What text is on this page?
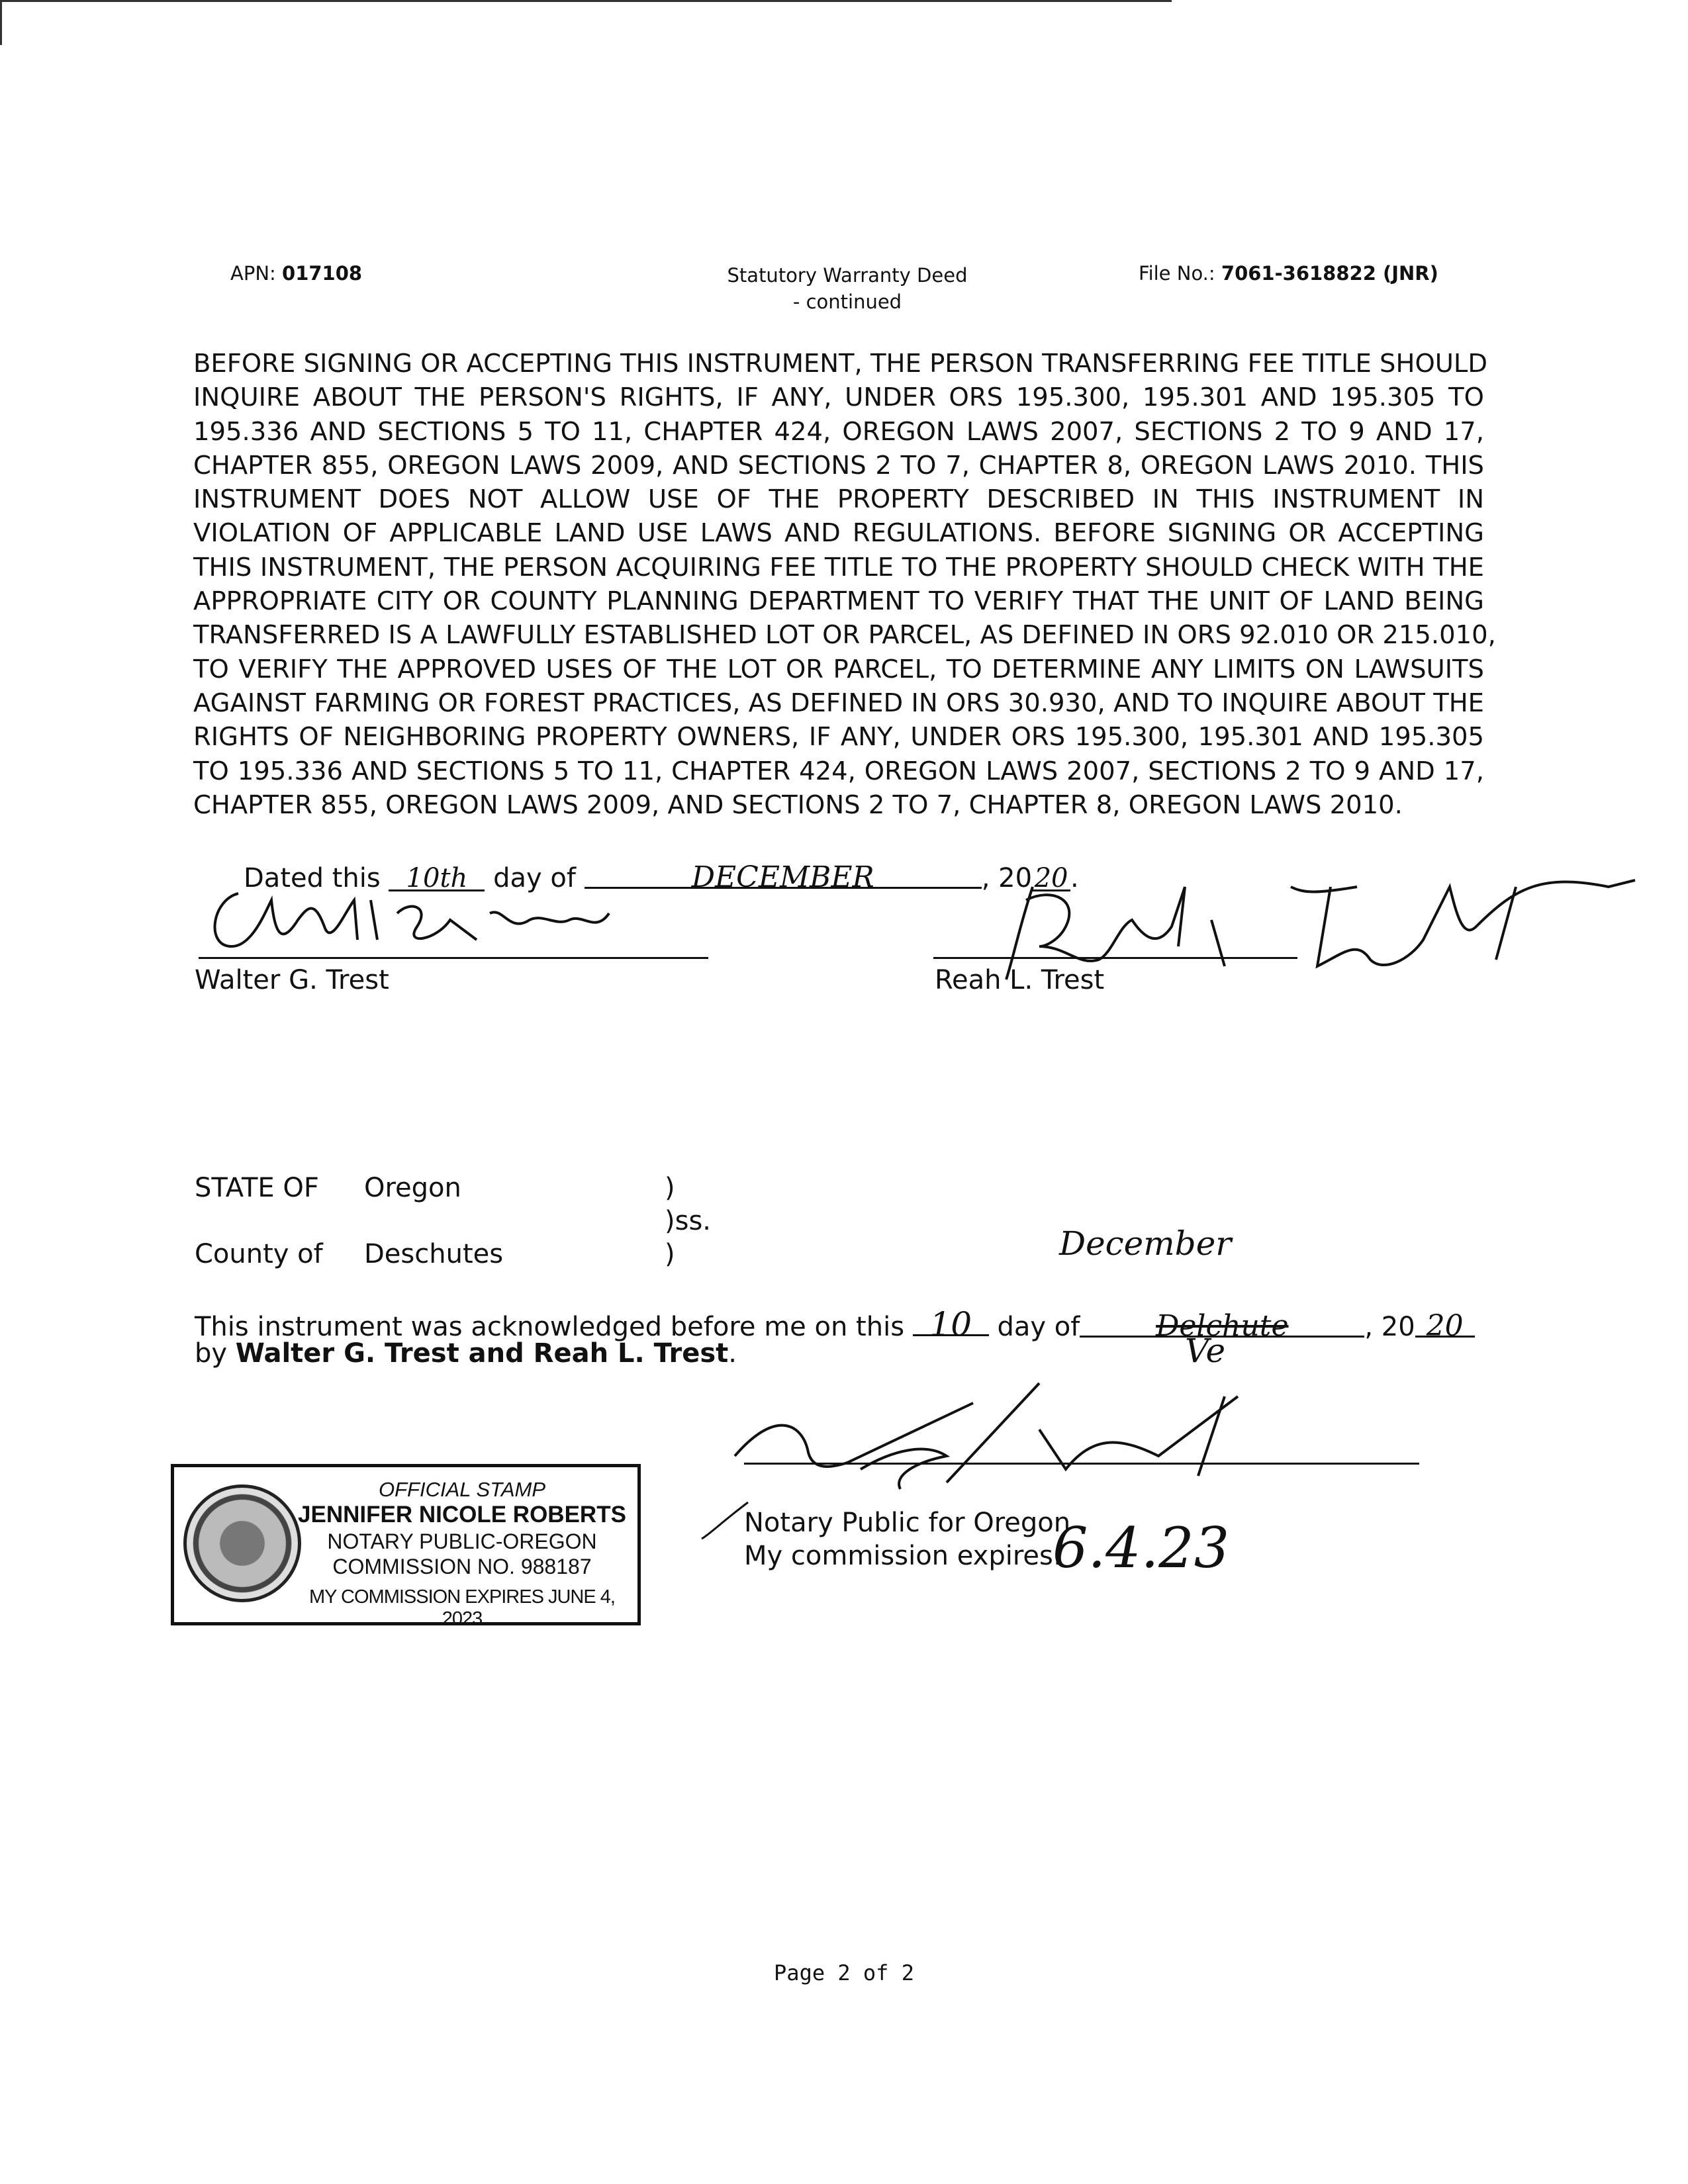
APN: 017108	Statutory Warranty Deed
- continued
File No.: 7061-3618822 (JNR)
BEFORE SIGNING OR ACCEPTING THIS INSTRUMENT, THE PERSON TRANSFERRING FEE TITLE SHOULD
INQUIRE ABOUT THE PERSON'S RIGHTS, IF ANY, UNDER ORS 195.300, 195.301 AND 195.305 TO
195.336 AND SECTIONS 5 TO 11, CHAPTER 424, OREGON LAWS 2007, SECTIONS 2 TO 9 AND 17,
CHAPTER 855, OREGON LAWS 2009, AND SECTIONS 2 TO 7, CHAPTER 8, OREGON LAWS 2010. THIS
INSTRUMENT DOES NOT ALLOW USE OF THE PROPERTY DESCRIBED IN THIS INSTRUMENT IN
VIOLATION OF APPLICABLE LAND USE LAWS AND REGULATIONS. BEFORE SIGNING OR ACCEPTING
THIS INSTRUMENT, THE PERSON ACQUIRING FEE TITLE TO THE PROPERTY SHOULD CHECK WITH THE
APPROPRIATE CITY OR COUNTY PLANNING DEPARTMENT TO VERIFY THAT THE UNIT OF LAND BEING
TRANSFERRED IS A LAWFULLY ESTABLISHED LOT OR PARCEL, AS DEFINED IN ORS 92.010 OR 215.010,
TO VERIFY THE APPROVED USES OF THE LOT OR PARCEL, TO DETERMINE ANY LIMITS ON LAWSUITS
AGAINST FARMING OR FOREST PRACTICES, AS DEFINED IN ORS 30.930, AND TO INQUIRE ABOUT THE
RIGHTS OF NEIGHBORING PROPERTY OWNERS, IF ANY, UNDER ORS 195.300, 195.301 AND 195.305
TO 195.336 AND SECTIONS 5 TO 11, CHAPTER 424, OREGON LAWS 2007, SECTIONS 2 TO 9 AND 17,
CHAPTER 855, OREGON LAWS 2009, AND SECTIONS 2 TO 7, CHAPTER 8, OREGON LAWS 2010.
Dated this 10th day of	DECEMBER	, 2020.
Walter G. Trest	Reah L. Trest
STATE OF Oregon	)
)ss.
County of Deschutes	)	December
This instrument was acknowledged before me on this 10 day of	Delchute	, 20 20
Ve
by Walter G. Trest and Reah L. Trest.
Notary Public for Oregon
My commission expires:
6.4.23
OFFICIAL STAMP
JENNIFER NICOLE ROBERTS
NOTARY PUBLIC-OREGON
COMMISSION NO. 988187
MY COMMISSION EXPIRES JUNE 4, 2023
Page 2 of 2
